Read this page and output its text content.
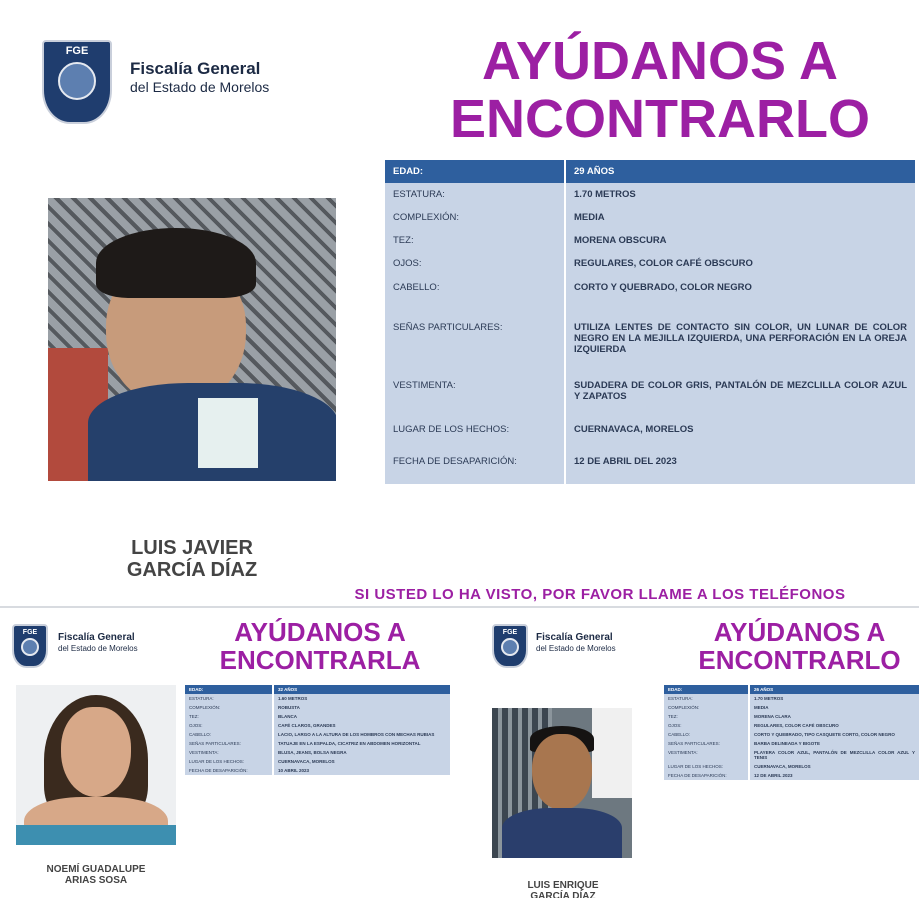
FGE
Fiscalía General
del Estado de Morelos	AYÚDANOS A
ENCONTRARLO
LUIS JAVIER
GARCÍA DÍAZ
EDAD:	29 AÑOS
ESTATURA:	1.70 METROS
COMPLEXIÓN:	MEDIA
TEZ:	MORENA OBSCURA
OJOS:	REGULARES, COLOR CAFÉ OBSCURO
CABELLO:	CORTO Y QUEBRADO, COLOR NEGRO
SEÑAS PARTICULARES:	UTILIZA LENTES DE CONTACTO SIN COLOR, UN LUNAR DE COLOR NEGRO EN LA MEJILLA IZQUIERDA, UNA PERFORACIÓN EN LA OREJA IZQUIERDA
VESTIMENTA:	SUDADERA DE COLOR GRIS, PANTALÓN DE MEZCLILLA COLOR AZUL Y ZAPATOS
LUGAR DE LOS HECHOS:	CUERNAVACA, MORELOS
FECHA DE DESAPARICIÓN:	12 DE ABRIL DEL 2023
SI USTED LO HA VISTO, POR FAVOR LLAME A LOS TELÉFONOS
FGE	Fiscalía General
del Estado de Morelos
AYÚDANOS A
ENCONTRARLA
NOEMÍ GUADALUPE
ARIAS SOSA
EDAD:	32 AÑOS
ESTATURA:	1.60 METROS
COMPLEXIÓN:	ROBUSTA
TEZ:	BLANCA
OJOS:	CAFÉ CLAROS, GRANDES
CABELLO:	LACIO, LARGO A LA ALTURA DE LOS HOMBROS CON MECHAS RUBIAS
SEÑAS PARTICULARES:	TATUAJE EN LA ESPALDA, CICATRIZ EN ABDOMEN HORIZONTAL
VESTIMENTA:	BLUSA, JEANS, BOLSA NEGRA
LUGAR DE LOS HECHOS:	CUERNAVACA, MORELOS
FECHA DE DESAPARICIÓN:	10 ABRIL 2023
FGE	Fiscalía General
del Estado de Morelos
AYÚDANOS A
ENCONTRARLO
LUIS ENRIQUE
GARCÍA DÍAZ
EDAD:	26 AÑOS
ESTATURA:	1.70 METROS
COMPLEXIÓN:	MEDIA
TEZ:	MORENA CLARA
OJOS:	REGULARES, COLOR CAFÉ OBSCURO
CABELLO:	CORTO Y QUEBRADO, TIPO CASQUETE CORTO, COLOR NEGRO
SEÑAS PARTICULARES:	BARBA DELINEADA Y BIGOTE
VESTIMENTA:	PLAYERA COLOR AZUL, PANTALÓN DE MEZCLILLA COLOR AZUL Y TENIS
LUGAR DE LOS HECHOS:	CUERNAVACA, MORELOS
FECHA DE DESAPARICIÓN:	12 DE ABRIL 2023
